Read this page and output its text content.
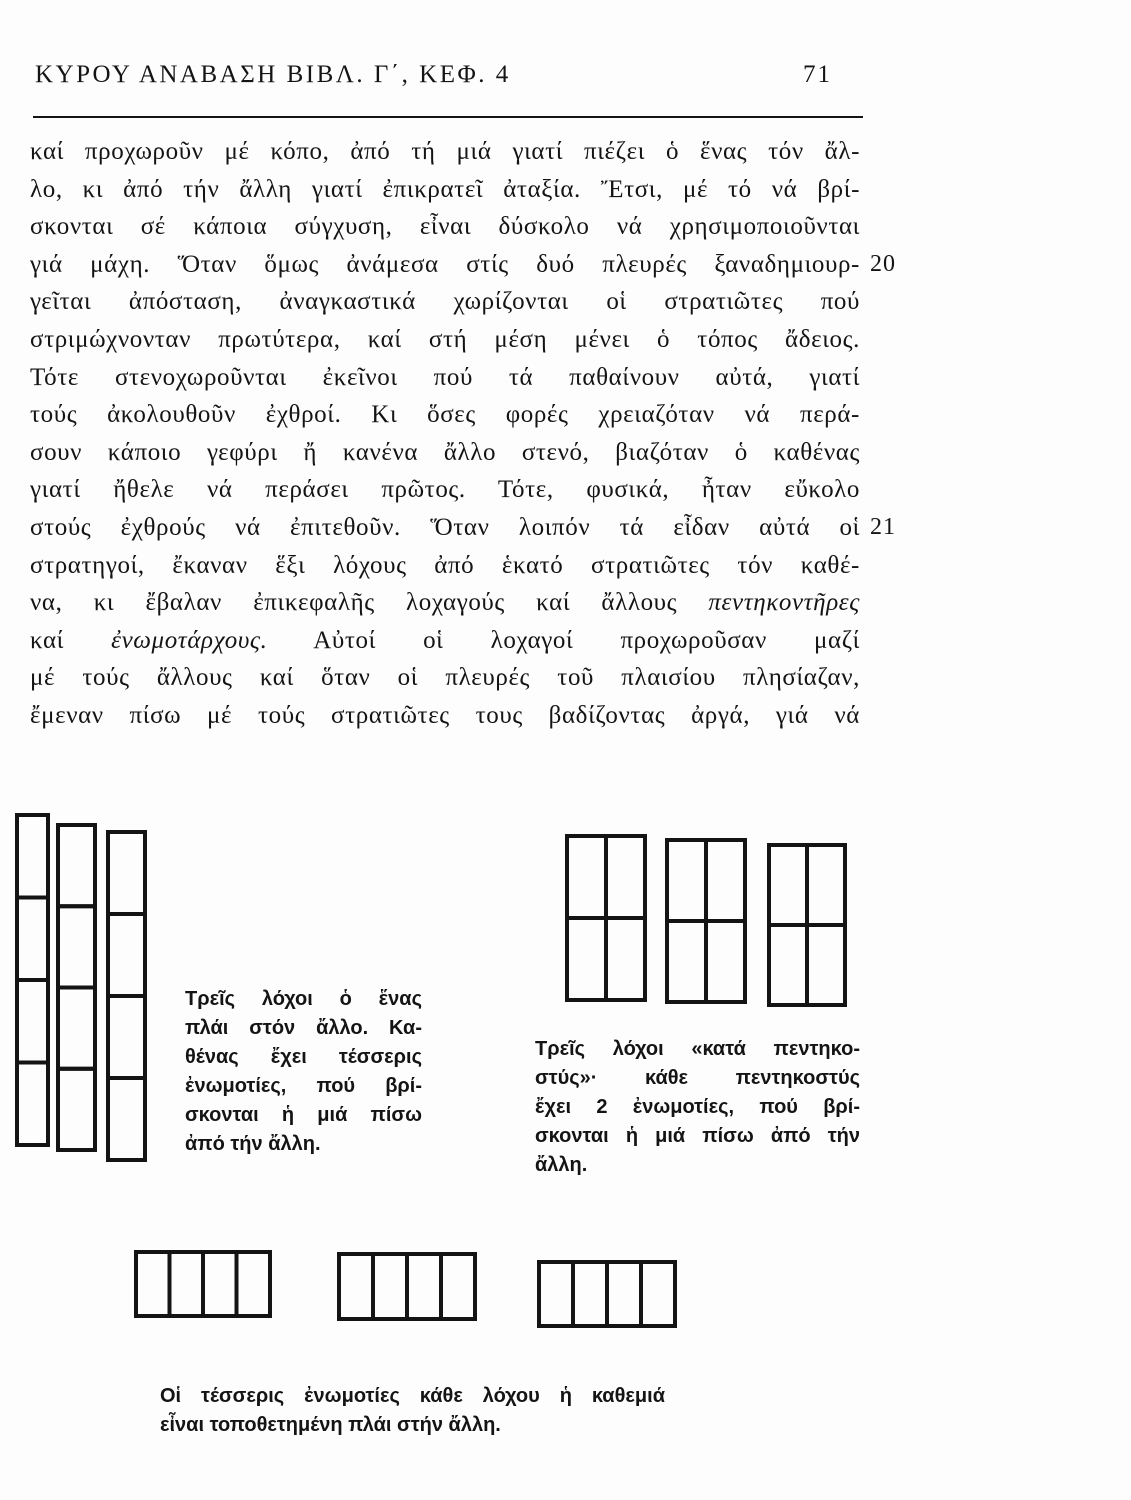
ΚΥΡΟΥ ΑΝΑΒΑΣΗ ΒΙΒΛ. Γ΄, ΚΕΦ. 4	71
καί προχωροῦν μέ κόπο, ἀπό τή μιά γιατί πιέζει ὁ ἕνας τόν ἄλ-
λο, κι ἀπό τήν ἄλλη γιατί ἐπικρατεῖ ἀταξία. Ἔτσι, μέ τό νά βρί-
σκονται σέ κάποια σύγχυση, εἶναι δύσκολο νά χρησιμοποιοῦνται
γιά μάχη. Ὅταν ὅμως ἀνάμεσα στίς δυό πλευρές ξαναδημιουρ- 20
γεῖται ἀπόσταση, ἀναγκαστικά χωρίζονται οἱ στρατιῶτες πού
στριμώχνονταν πρωτύτερα, καί στή μέση μένει ὁ τόπος ἄδειος.
Τότε στενοχωροῦνται ἐκεῖνοι πού τά παθαίνουν αὐτά, γιατί
τούς ἀκολουθοῦν ἐχθροί. Κι ὅσες φορές χρειαζόταν νά περά-
σουν κάποιο γεφύρι ἤ κανένα ἄλλο στενό, βιαζόταν ὁ καθένας
γιατί ἤθελε νά περάσει πρῶτος. Τότε, φυσικά, ἦταν εὔκολο
στούς ἐχθρούς νά ἐπιτεθοῦν. Ὅταν λοιπόν τά εἶδαν αὐτά οἱ 21
στρατηγοί, ἔκαναν ἕξι λόχους ἀπό ἑκατό στρατιῶτες τόν καθέ-
να, κι ἔβαλαν ἐπικεφαλῆς λοχαγούς καί ἄλλους πεντηκοντῆρες
καί ἐνωμοτάρχους. Αὐτοί οἱ λοχαγοί προχωροῦσαν μαζί
μέ τούς ἄλλους καί ὅταν οἱ πλευρές τοῦ πλαισίου πλησίαζαν,
ἔμεναν πίσω μέ τούς στρατιῶτες τους βαδίζοντας ἀργά, γιά νά
Τρεῖς λόχοι ὁ ἕνας
πλάι στόν ἄλλο. Κα-
θένας ἔχει τέσσερις
ἐνωμοτίες, πού βρί-
σκονται ἡ μιά πίσω
ἀπό τήν ἄλλη.
Τρεῖς λόχοι «κατά πεντηκο-
στύς»· κάθε πεντηκοστύς
ἔχει 2 ἐνωμοτίες, πού βρί-
σκονται ἡ μιά πίσω ἀπό τήν
ἄλλη.
Οἱ τέσσερις ἐνωμοτίες κάθε λόχου ἡ καθεμιά
εἶναι τοποθετημένη πλάι στήν ἄλλη.
